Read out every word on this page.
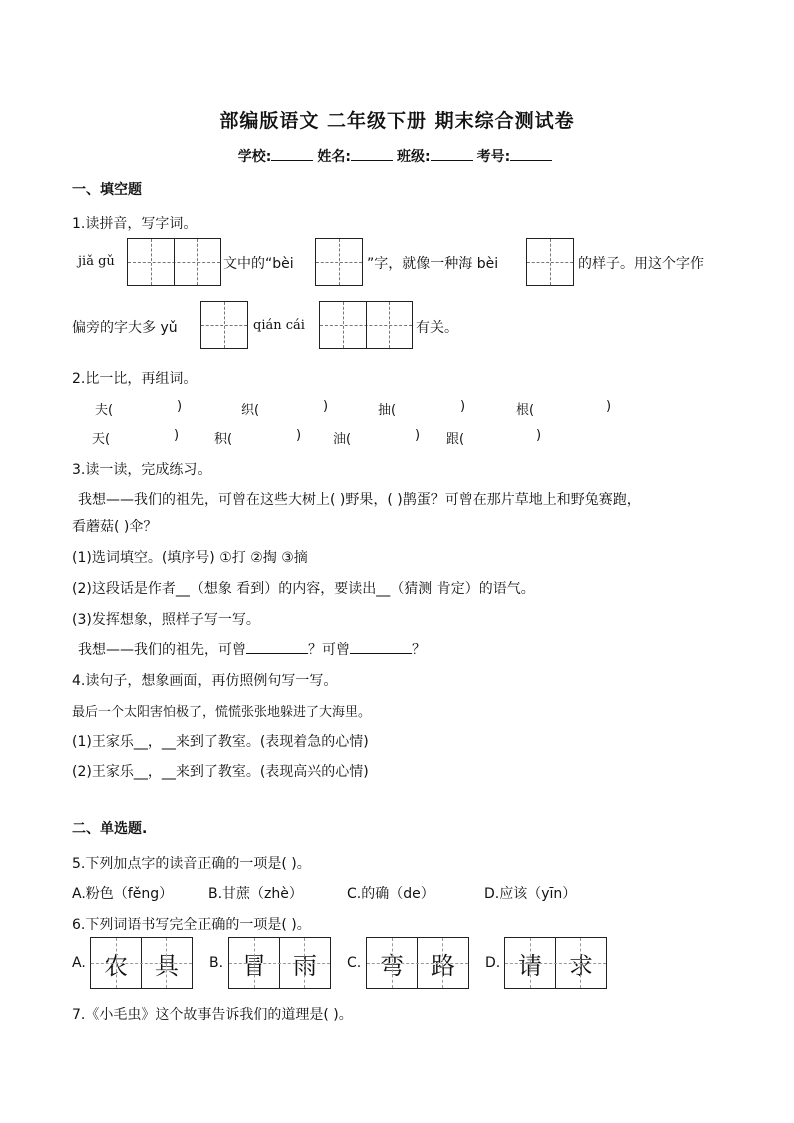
部编版语文 二年级下册 期末综合测试卷
学校:	姓名:	班级:	考号:
一、填空题
1.读拼音，写字词。
jiǎ gǔ	文中的“bèi	”字，就像一种海 bèi	的样子。用这个字作
偏旁的字大多 yǔ	qián cái	有关。
2.比一比，再组词。
夫(	)	织(	)	抽(	)	根(	)
天(	)	积(	) 油(	) 跟(	)
3.读一读，完成练习。
我想——我们的祖先，可曾在这些大树上( )野果，( )鹊蛋？可曾在那片草地上和野兔赛跑，
看蘑菇( )伞？
(1)选词填空。(填序号) ①打 ②掏 ③摘
(2)这段话是作者__（想象 看到）的内容，要读出__（猜测 肯定）的语气。
(3)发挥想象，照样子写一写。
我想——我们的祖先，可曾	？可曾	？
4.读句子，想象画面，再仿照例句写一写。
最后一个太阳害怕极了，慌慌张张地躲进了大海里。
(1)王家乐__，__来到了教室。(表现着急的心情)
(2)王家乐__，__来到了教室。(表现高兴的心情)
二、单选题.
5.下列加点字的读音正确的一项是( )。
A.粉色（fěng） B.甘蔗（zhè）	C.的确（de）	D.应该（yīn）
6.下列词语书写完全正确的一项是( )。
A. 农	具	B. 冒	雨	C. 弯	路	D. 请	求
7.《小毛虫》这个故事告诉我们的道理是( )。
